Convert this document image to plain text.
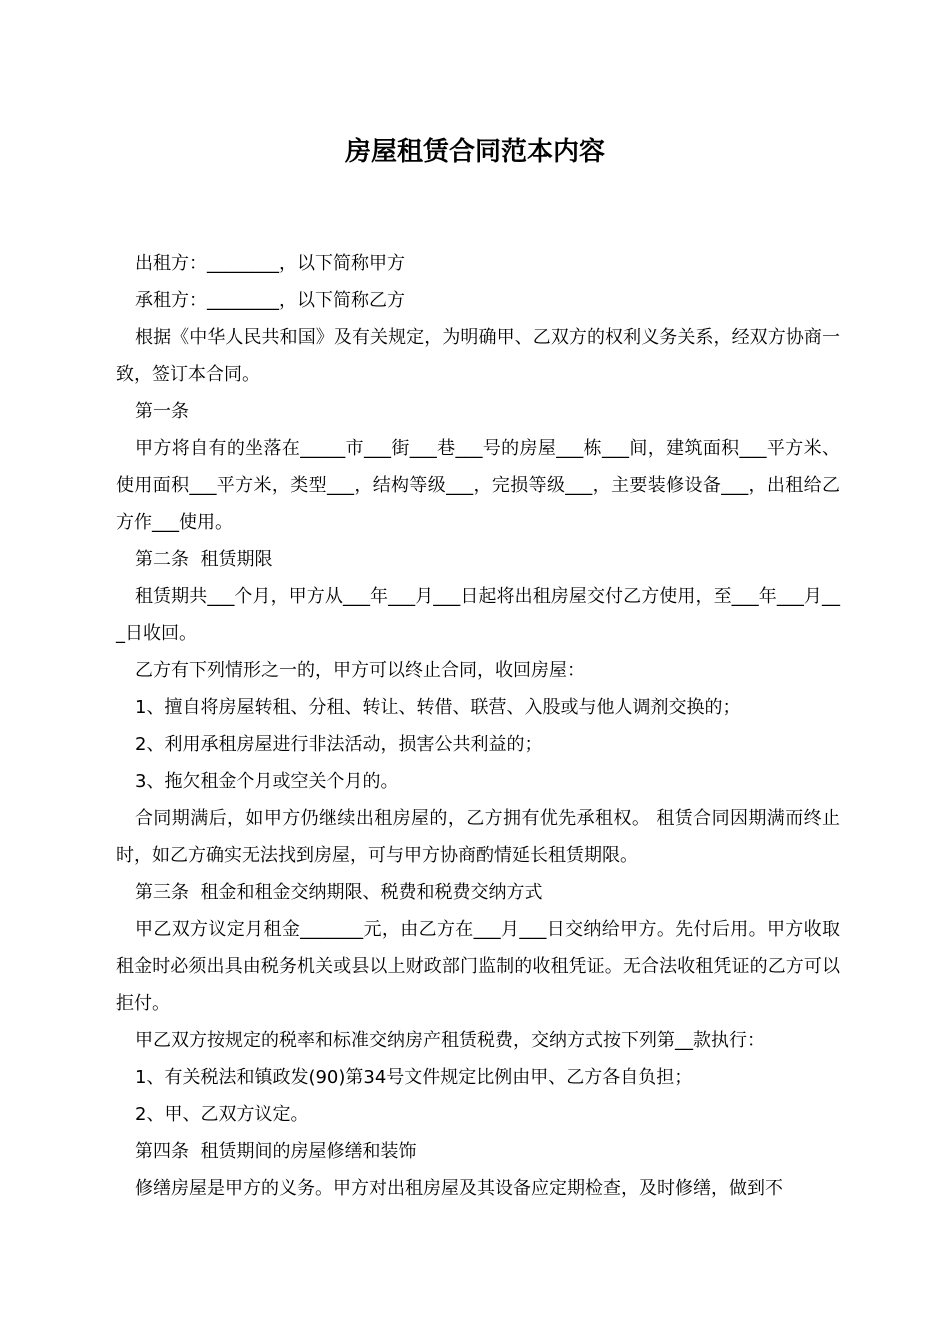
房屋租赁合同范本内容

出租方：________，以下简称甲方

承租方：________，以下简称乙方

根据《中华人民共和国》及有关规定，为明确甲、乙双方的权利义务关系，经双方协商一致，签订本合同。

第一条

甲方将自有的坐落在_____市___街___巷___号的房屋___栋___间，建筑面积___平方米、使用面积___平方米，类型___，结构等级___，完损等级___，主要装修设备___，出租给乙方作___使用。

第二条  租赁期限

租赁期共___个月，甲方从___年___月___日起将出租房屋交付乙方使用，至___年___月___日收回。

乙方有下列情形之一的，甲方可以终止合同，收回房屋：

1、擅自将房屋转租、分租、转让、转借、联营、入股或与他人调剂交换的；

2、利用承租房屋进行非法活动，损害公共利益的；

3、拖欠租金个月或空关个月的。

合同期满后，如甲方仍继续出租房屋的，乙方拥有优先承租权。 租赁合同因期满而终止时，如乙方确实无法找到房屋，可与甲方协商酌情延长租赁期限。

第三条  租金和租金交纳期限、税费和税费交纳方式

甲乙双方议定月租金_______元，由乙方在___月___日交纳给甲方。先付后用。甲方收取租金时必须出具由税务机关或县以上财政部门监制的收租凭证。无合法收租凭证的乙方可以拒付。

甲乙双方按规定的税率和标准交纳房产租赁税费，交纳方式按下列第__款执行：

1、有关税法和镇政发(90)第34号文件规定比例由甲、乙方各自负担；

2、甲、乙双方议定。

第四条  租赁期间的房屋修缮和装饰

修缮房屋是甲方的义务。甲方对出租房屋及其设备应定期检查，及时修缮，做到不
